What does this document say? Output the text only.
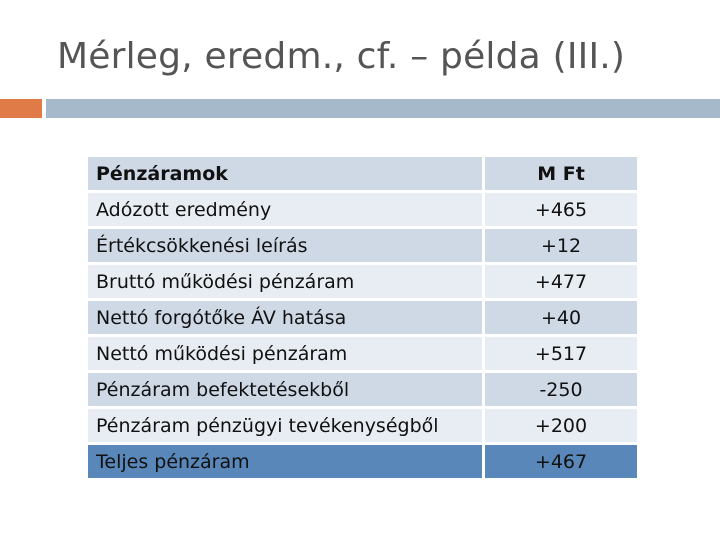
Mérleg, eredm., cf. – példa (III.)
Pénzáramok	M Ft
Adózott eredmény	+465
Értékcsökkenési leírás	+12
Bruttó működési pénzáram	+477
Nettó forgótőke ÁV hatása	+40
Nettó működési pénzáram	+517
Pénzáram befektetésekből	-250
Pénzáram pénzügyi tevékenységből	+200
Teljes pénzáram	+467
